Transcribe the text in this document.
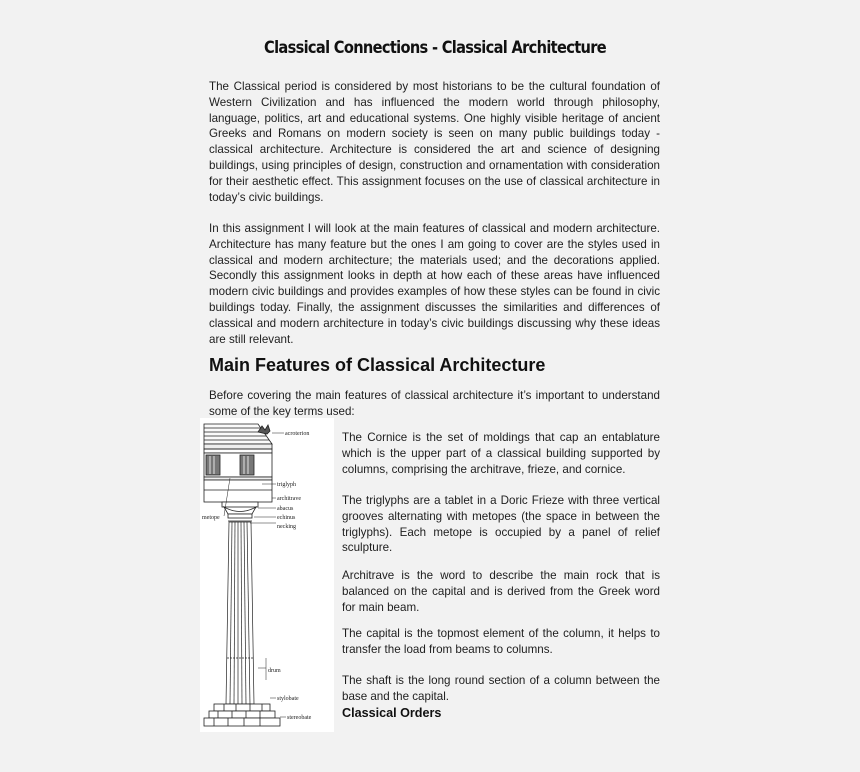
Classical Connections - Classical Architecture
The Classical period is considered by most historians to be the cultural foundation of Western Civilization and has influenced the modern world through philosophy, language, politics, art and educational systems. One highly visible heritage of ancient Greeks and Romans on modern society is seen on many public buildings today - classical architecture. Architecture is considered the art and science of designing buildings, using principles of design, construction and ornamentation with consideration for their aesthetic effect. This assignment focuses on the use of classical architecture in today’s civic buildings.
In this assignment I will look at the main features of classical and modern architecture. Architecture has many feature but the ones I am going to cover are the styles used in classical and modern architecture; the materials used; and the decorations applied. Secondly this assignment looks in depth at how each of these areas have influenced modern civic buildings and provides examples of how these styles can be found in civic buildings today. Finally, the assignment discusses the similarities and differences of classical and modern architecture in today’s civic buildings discussing why these ideas are still relevant.
Main Features of Classical Architecture
Before covering the main features of classical architecture it’s important to understand some of the key terms used:
acroterion
triglyph
architrave
abacus
echinus
necking
metope
drum
stylobate
stereobate
The Cornice is the set of moldings that cap an entablature which is the upper part of a classical building supported by columns, comprising the architrave, frieze, and cornice.
The triglyphs are a tablet in a Doric Frieze with three vertical grooves alternating with metopes (the space in between the triglyphs). Each metope is occupied by a panel of relief sculpture.
Architrave is the word to describe the main rock that is balanced on the capital and is derived from the Greek word for main beam.
The capital is the topmost element of the column, it helps to transfer the load from beams to columns.
The shaft is the long round section of a column between the base and the capital.
Classical Orders
